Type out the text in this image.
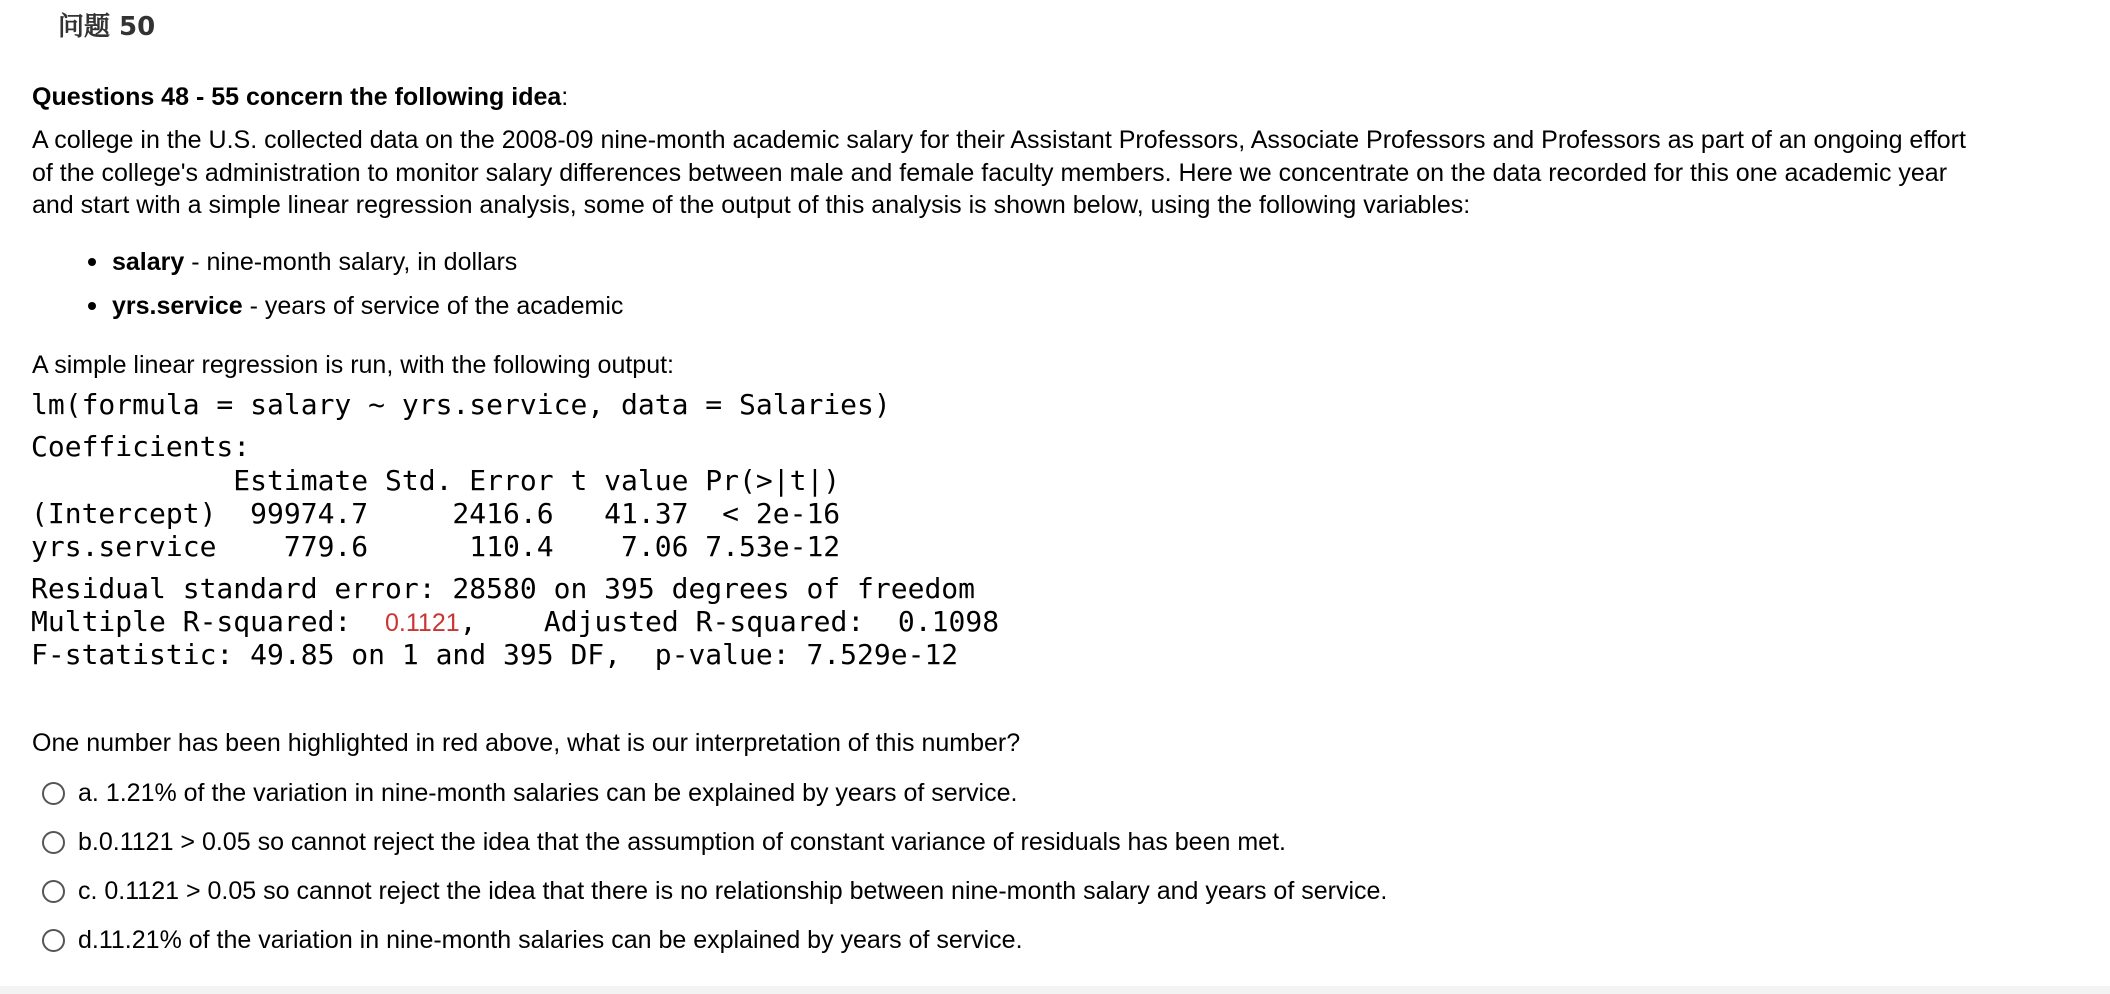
问题 50
Questions 48 - 55 concern the following idea:

A college in the U.S. collected data on the 2008-09 nine-month academic salary for their Assistant Professors, Associate Professors and Professors as part of an ongoing effort of the college's administration to monitor salary differences between male and female faculty members. Here we concentrate on the data recorded for this one academic year and start with a simple linear regression analysis, some of the output of this analysis is shown below, using the following variables:

salary - nine-month salary, in dollars
yrs.service - years of service of the academic
A simple linear regression is run, with the following output:
lm(formula = salary ~ yrs.service, data = Salaries)
Coefficients:
Estimate Std. Error t value Pr(>|t|)
(Intercept)  99974.7     2416.6   41.37  < 2e-16
yrs.service    779.6      110.4    7.06 7.53e-12
Residual standard error: 28580 on 395 degrees of freedom
Multiple R-squared:  0.1121,    Adjusted R-squared:  0.1098
F-statistic: 49.85 on 1 and 395 DF,  p-value: 7.529e-12
One number has been highlighted in red above, what is our interpretation of this number?
a. 1.21% of the variation in nine-month salaries can be explained by years of service.
b.0.1121 > 0.05 so cannot reject the idea that the assumption of constant variance of residuals has been met.
c. 0.1121 > 0.05 so cannot reject the idea that there is no relationship between nine-month salary and years of service.
d.11.21% of the variation in nine-month salaries can be explained by years of service.
